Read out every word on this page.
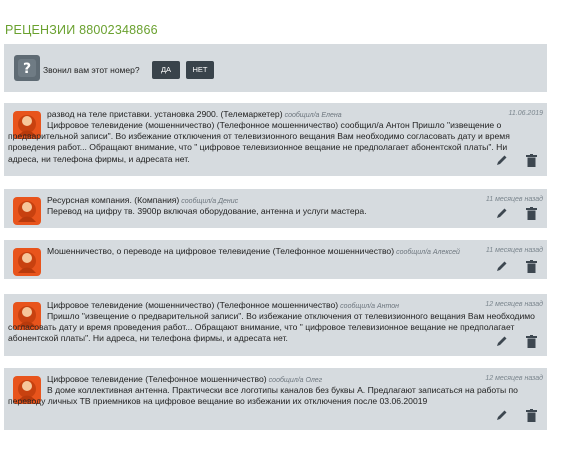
РЕЦЕНЗИИ 88002348866
? Звонил вам этот номер?	ДА	НЕТ
развод на теле приставки. установка 2900. (Телемаркетер) сообщил/а Елена	11.06.2019
Цифровое телевидение (мошенничество) (Телефонное мошенничество) сообщил/а Антон Пришло "извещение о предварительной записи". Во избежание отключения от телевизионного вещания Вам необходимо согласовать дату и время проведения работ... Обращают внимание, что " цифровое телевизионное вещание не предполагает абонентской платы". Ни адреса, ни телефона фирмы, и адресата нет.
Ресурсная компания. (Компания) сообщил/а Денис	11 месяцев назад
Перевод на цифру тв. 3900р включая оборудование, антенна и услуги мастера.
Мошенничество, о переводе на цифровое телевидение (Телефонное мошенничество) сообщил/а Алексей	11 месяцев назад
Цифровое телевидение (мошенничество) (Телефонное мошенничество) сообщил/а Антон	12 месяцев назад
Пришло "извещение о предварительной записи". Во избежание отключения от телевизионного вещания Вам необходимо согласовать дату и время проведения работ... Обращают внимание, что " цифровое телевизионное вещание не предполагает абонентской платы". Ни адреса, ни телефона фирмы, и адресата нет.
Цифровое телевидение (Телефонное мошенничество) сообщил/а Олег	12 месяцев назад
В доме коллективная антенна. Практически все логотипы каналов без буквы А. Предлагают записаться на работы по переводу личных ТВ приемников на цифровое вещание во избежании их отключения после 03.06.20019
